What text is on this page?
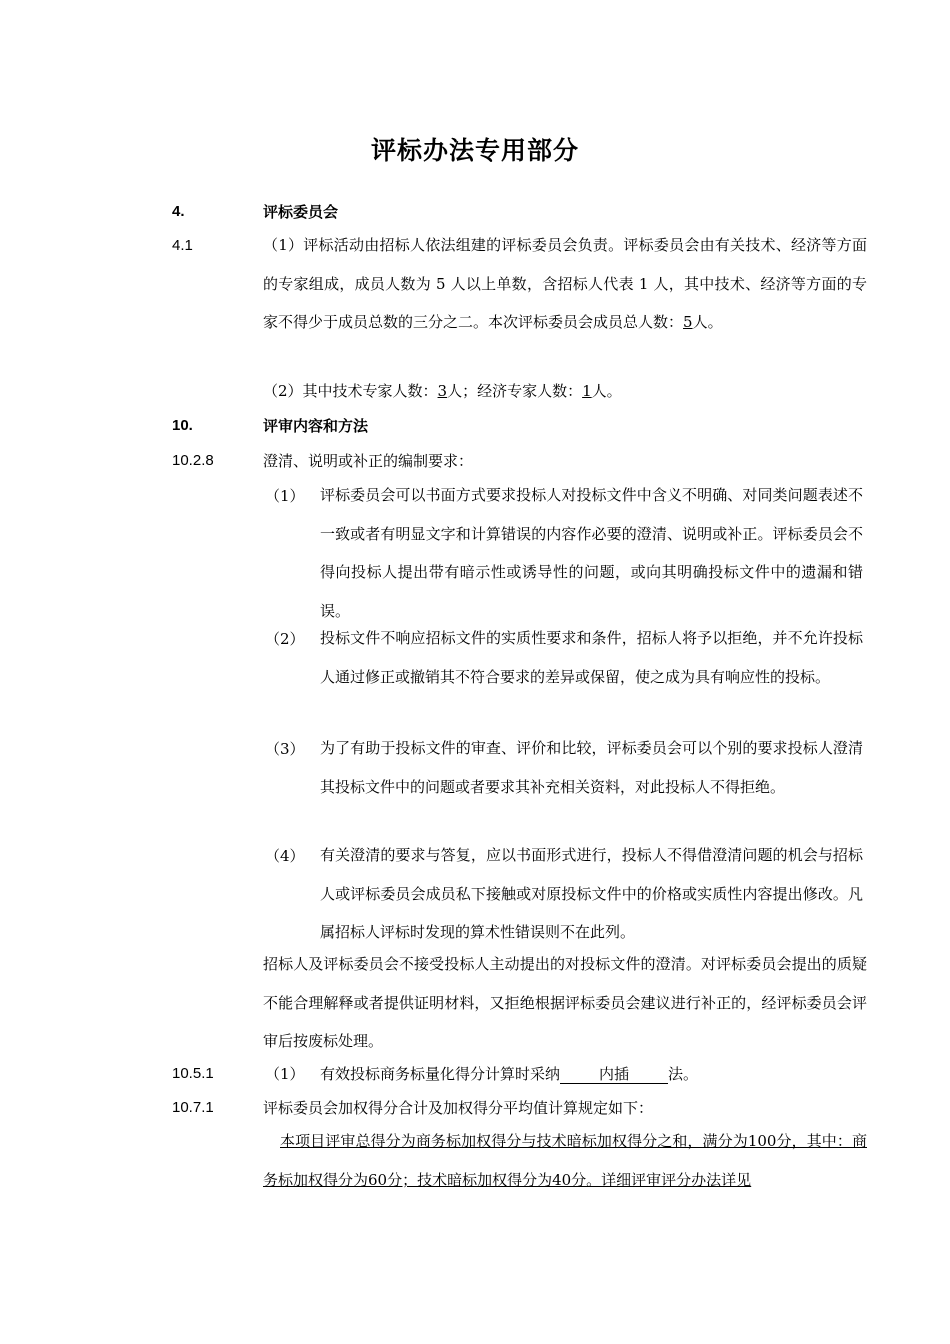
评标办法专用部分
4.	评标委员会
4.1	（1）评标活动由招标人依法组建的评标委员会负责。评标委员会由有关技术、经济等方面的专家组成，成员人数为 5 人以上单数，含招标人代表 1 人，其中技术、经济等方面的专家不得少于成员总数的三分之二。本次评标委员会成员总人数：5人。
（2）其中技术专家人数：3人；经济专家人数：1人。
10.	评审内容和方法
10.2.8	澄清、说明或补正的编制要求：
（1） 评标委员会可以书面方式要求投标人对投标文件中含义不明确、对同类问题表述不一致或者有明显文字和计算错误的内容作必要的澄清、说明或补正。评标委员会不得向投标人提出带有暗示性或诱导性的问题，或向其明确投标文件中的遗漏和错误。
（2） 投标文件不响应招标文件的实质性要求和条件，招标人将予以拒绝，并不允许投标人通过修正或撤销其不符合要求的差异或保留，使之成为具有响应性的投标。
（3） 为了有助于投标文件的审查、评价和比较，评标委员会可以个别的要求投标人澄清其投标文件中的问题或者要求其补充相关资料，对此投标人不得拒绝。
（4） 有关澄清的要求与答复，应以书面形式进行，投标人不得借澄清问题的机会与招标人或评标委员会成员私下接触或对原投标文件中的价格或实质性内容提出修改。凡属招标人评标时发现的算术性错误则不在此列。
招标人及评标委员会不接受投标人主动提出的对投标文件的澄清。对评标委员会提出的质疑不能合理解释或者提供证明材料，又拒绝根据评标委员会建议进行补正的，经评标委员会评审后按废标处理。
10.5.1	（1） 有效投标商务标量化得分计算时采纳	内插	法。
10.7.1	评标委员会加权得分合计及加权得分平均值计算规定如下：
本项目评审总得分为商务标加权得分与技术暗标加权得分之和，满分为100分，其中：商务标加权得分为60分；技术暗标加权得分为40分。详细评审评分办法详见
